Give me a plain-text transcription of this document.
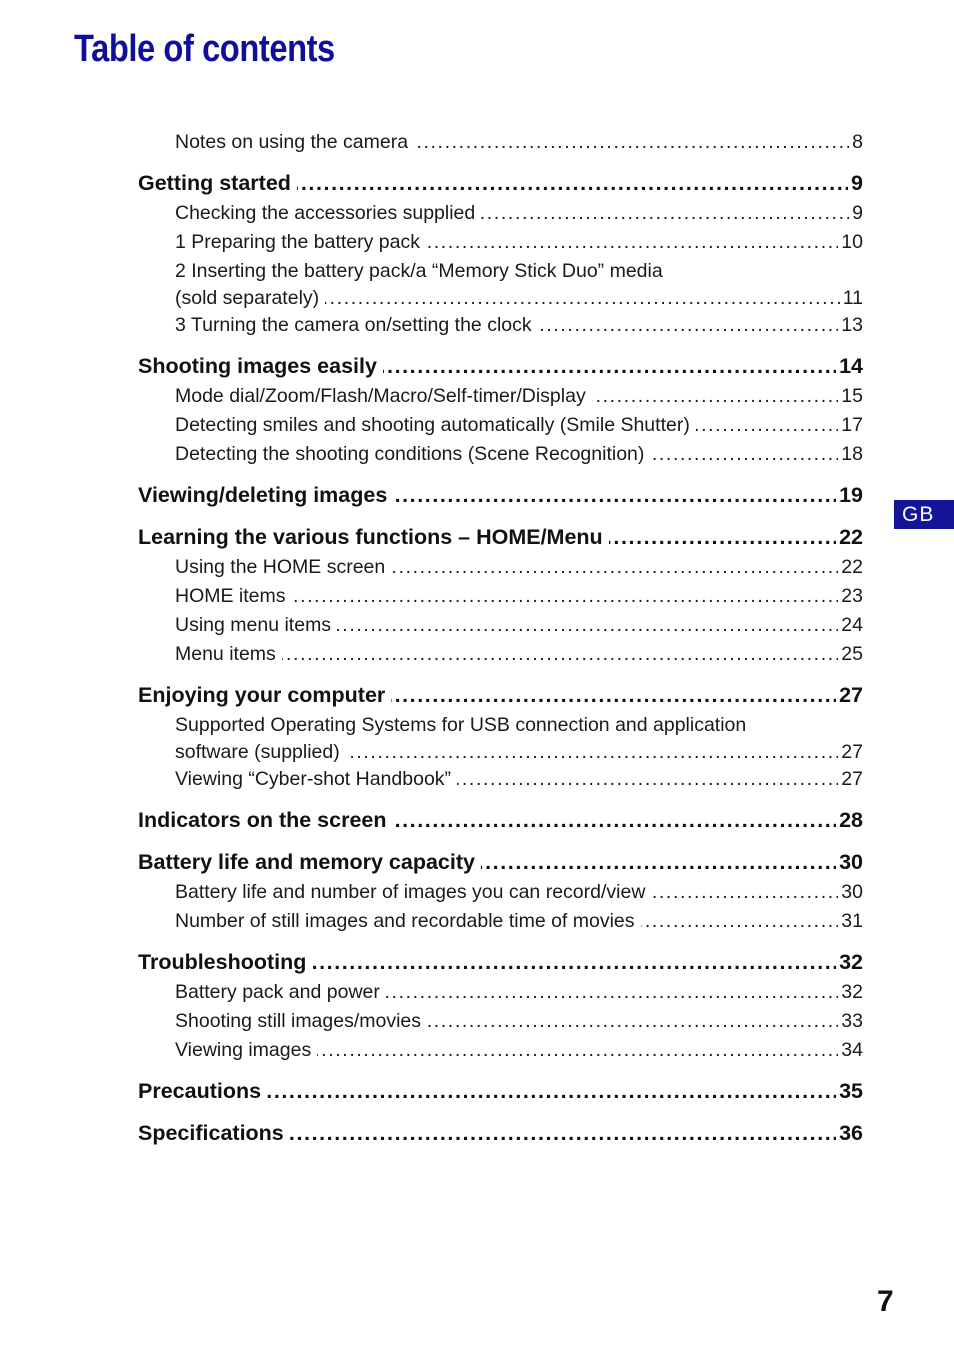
Table of contents
Notes on using the camera . . .	8
Getting started . . .	9
Checking the accessories supplied . . .	9
1 Preparing the battery pack . . .	10
2 Inserting the battery pack/a “Memory Stick Duo” media
(sold separately) . . .	11
3 Turning the camera on/setting the clock . . .	13
Shooting images easily . . .	14
Mode dial/Zoom/Flash/Macro/Self-timer/Display . . .	15
Detecting smiles and shooting automatically (Smile Shutter) . . .	17
Detecting the shooting conditions (Scene Recognition) . . .	18
Viewing/deleting images . . .	19
Learning the various functions – HOME/Menu . . .	22
Using the HOME screen . . .	22
HOME items . . .	23
Using menu items . . .	24
Menu items . . .	25
Enjoying your computer . . .	27
Supported Operating Systems for USB connection and application
software (supplied) . . .	27
Viewing “Cyber-shot Handbook” . . .	27
Indicators on the screen . . .	28
Battery life and memory capacity . . .	30
Battery life and number of images you can record/view . . .	30
Number of still images and recordable time of movies . . .	31
Troubleshooting . . .	32
Battery pack and power . . .	32
Shooting still images/movies . . .	33
Viewing images . . .	34
Precautions . . .	35
Specifications . . .	36
GB
7
